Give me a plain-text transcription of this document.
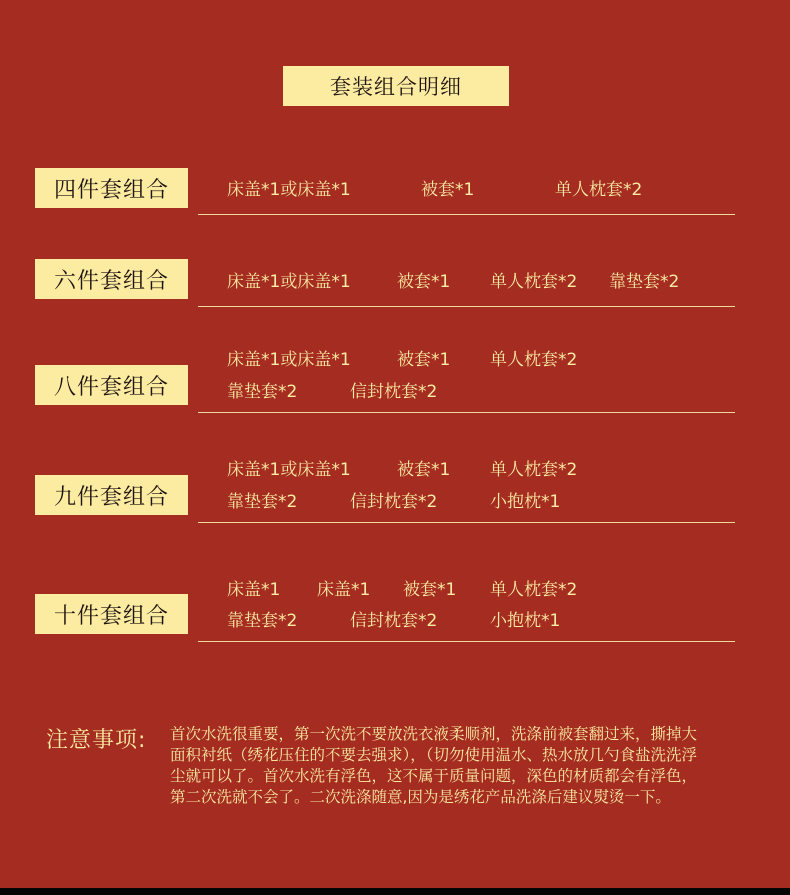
套装组合明细
四件套组合	床盖*1或床盖*1	被套*1	单人枕套*2
六件套组合	床盖*1或床盖*1	被套*1 单人枕套*2 靠垫套*2
八件套组合
床盖*1或床盖*1	被套*1 单人枕套*2
靠垫套*2	信封枕套*2
九件套组合
床盖*1或床盖*1	被套*1 单人枕套*2
靠垫套*2	信封枕套*2	小抱枕*1
十件套组合
床盖*1 床盖*1 被套*1 单人枕套*2
靠垫套*2	信封枕套*2	小抱枕*1
注意事项: 首次水洗很重要，第一次洗不要放洗衣液柔顺剂，洗涤前被套翻过来，撕掉大面积衬纸（绣花压住的不要去强求），（切勿使用温水、热水放几勺食盐洗洗浮尘就可以了。首次水洗有浮色，这不属于质量问题，深色的材质都会有浮色，第二次洗就不会了。二次洗涤随意,因为是绣花产品洗涤后建议熨烫一下。
